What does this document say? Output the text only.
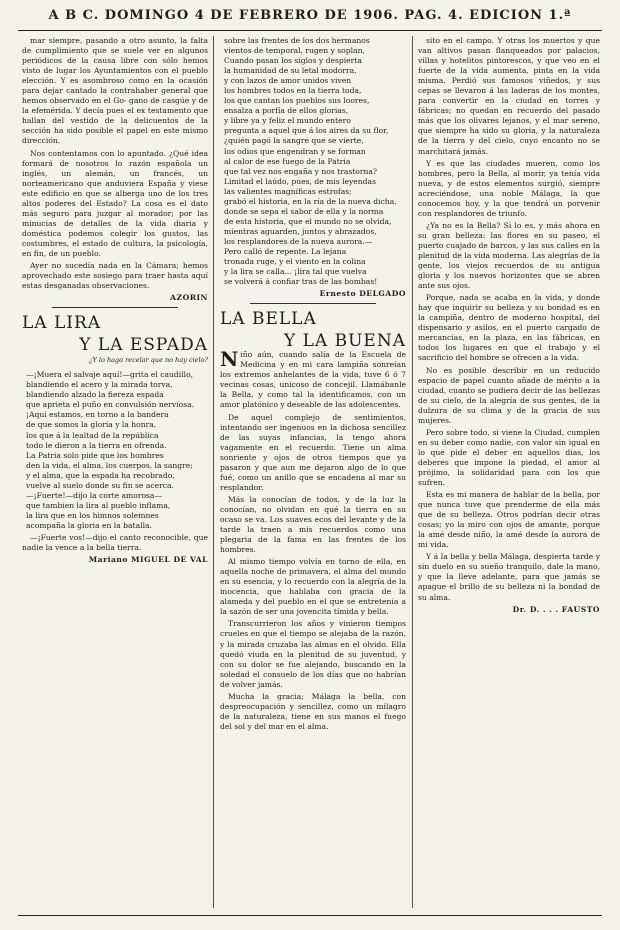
A B C. DOMINGO 4 DE FEBRERO DE 1906. PAG. 4. EDICION 1.ª

mar siempre, pasando a otro asunto, la falta de cumplimiento que se suele ver en algunos periódicos de la causa libre con sólo hemos visto de lugar los Ayuntamientos con el pueblo elección. Y es asombroso como en la ocasión para dejar cantado la contrahaber general que hemos observado en el Go- gano de casgúe y de la efemérida. Y decía pues el ex testamento que hallan del vestido de la delicuentos de la sección ha sido posible el papel en este mismo dirección.

Nos contentamos con lo apuntado. ¿Qué idea formará de nosotros lo razón española un inglés, un alemán, un francés, un norteamericano que anduviera España y viese este edificio en que se alberga uno de los tres altos poderes del Estado? La cosa es el dato más seguro para juzgar al morador; por las minucias de detalles de la vida diaria y doméstica podemos colegir los gustos, las costumbres, el estado de cultura, la psicología, en fin, de un pueblo.

Ayer no sucedía nada en la Cámara; hemos aprovechado este sosiego para traer hasta aquí estas desganadas observaciones.

AZORIN
LA LIRA
Y LA ESPADA
¿Y lo hago recelar que no hay cielo?

—¡Muera el salvaje aquí!—grita el caudillo,
blandiendo el acero y la mirada torva,
blandiendo alzado la fiereza espada
que aprieta el puño en convulsión nerviosa.
¡Aquí estamos, en torno a la bandera
de que somos la gloria y la honra,
los que á la lealtad de la república
todo le dieron a la tierra en ofrenda.
La Patria solo pide que los hombres
den la vida, el alma, los cuerpos, la sangre;
y el alma, que la espada ha recobrado,
vuelve al suelo donde su fin se acerca.
—¡Fuerte!—dijo la corte amorosa—
que tambien la lira al pueblo inflama,
la lira que en los himnos solemnes
acompaña la gloria en la batalla.

—¡Fuerte vos!—dijo el canto reconocible, que nadie la vence a la bella tierra.

Mariano MIGUEL DE VAL

sobre las frentes de los dos hermanos
vientos de temporal, rugen y soplan,
Cuando pasan los siglos y despierta
la humanidad de su letal modorra,
y con lazos de amor unidos viven
los hombres todos en la tierra toda,
los que cantan los pueblos sus loores,
ensalza a porfía de ellos glorias,
y libre ya y feliz el mundo entero
pregunta a aquel que á los aires da su flor,
¿quién pagó la sangre que se vierte,
los odios que engendran y se forman
al calor de ese fuego de la Patria
que tal vez nos engaña y nos trastorna?
Limitad el laúdo, pues, de mis leyendas
las valientes magníficas estrofas;
grabó el historia, en la ría de la nueva dicha,
donde se sepa el sabor de ella y la norma
de esta historia, que el mundo no se olvida,
mientras aguarden, juntos y abrazados,
los resplandores de la nueva aurora.—
Pero calló de repente. La lejana
tronada ruge, y el viento en la colina
y la lira se calla... ¡lira tal que vuelva
se volverá á confiar tras de las bombas!

Ernesto DELGADO
LA BELLA
Y LA BUENA

Niño aún, cuando salía de la Escuela de Medicina y en mi cara lampiña sonreían los extremos anhelantes de la vida, tuve 6 ó 7 vecinas cosas, unicoso de concejil. Llamábanle la Bella, y como tal la identificamos, con un amor platónico y deseable de las adolescentes.

De aquel complejo de sentimientos, intentando ser ingenuos en la dichosa sencillez de las suyas infancias, la tengo ahora vagamente en el recuerdo. Tiene un alma sonriente y ojos de otros tiempos que ya pasaron y que aun me dejaron algo de lo que fué, como un anillo que se encadena al mar su resplandor.

Más la conocían de todos, y de la luz la conocían, no olvidan en qué la tierra en su ocaso se va. Los suaves ecos del levante y de la tarde la traen a mis recuerdos como una plegaria de la fama en las frentes de los hombres.

Al mismo tiempo volvía en torno de ella, en aquella noche de primavera, el alma del mundo en su esencia, y lo recuerdo con la alegría de la inocencia, que hablaba con gracia de la alameda y del pueblo en el que se entretenía a la sazón de ser una jovencita tímida y bella.

Transcurrieron los años y vinieron tiempos crueles en que el tiempo se alejaba de la razón, y la mirada cruzaba las almas en el olvido. Ella quedó viuda en la plenitud de su juventud, y con su dolor se fue alejando, buscando en la soledad el consuelo de los días que no habrían de volver jamás.

Mucha la gracia; Málaga la bella, con despreocupación y sencillez, como un milagro de la naturaleza, tiene en sus manos el fuego del sol y del mar en el alma.

sito en el campo. Y otras los muertos y que van altivos pasan flanqueados por palacios, villas y hotelitos pintorescos, y que veo en el fuerte de la vida aumenta, pinta en la vida misma. Perdió sus famosos viñedos, y sus cepas se llevaron á las laderas de los montes, para convertir en la ciudad en torres y fábricas; no quedan en recuerdo del pasado más que los olivares lejanos, y el mar sereno, que siempre ha sido su gloria, y la naturaleza de la tierra y del cielo, cuyo encanto no se marchitará jamás.

Y es que las ciudades mueren, como los hombres, pero la Bella, al morir, ya tenía vida nueva, y de estos elementos surgió, siempre acreciéndose, una noble Málaga, la que conocemos hoy, y la que tendrá un porvenir con resplandores de triunfo.

¿Ya no es la Bella? Si lo es, y más ahora en su gran belleza: las flores en su paseo, el puerto cuajado de barcos, y las sus calles en la plenitud de la vida moderna. Las alegrías de la gente, los viejos recuerdos de su antigua gloria y los nuevos horizontes que se abren ante sus ojos.

Porque, nada se acaba en la vida, y donde hay que inquirir su belleza y su bondad es en la campiña, dentro de moderno hospital, del dispensario y asilos, en el puerto cargado de mercancías, en la plaza, en las fábricas, en todos los lugares en que el trabajo y el sacrificio del hombre se ofrecen a la vida.

No es posible describir en un reducido espacio de papel cuanto añade de mérito a la ciudad, cuanto se pudiera decir de las bellezas de su cielo, de la alegría de sus gentes, de la dulzura de su clima y de la gracia de sus mujeres.

Pero sobre todo, si viene la Ciudad, cumplen en su deber como nadie, con valor sin igual en lo que pide el deber en aquellos días, los deberes que impone la piedad, el amor al prójimo, la solidaridad para con los que sufren.

Esta es mi manera de hablar de la bella, por que nunca tuve que prenderme de ella más que de su belleza. Otros podrían decir otras cosas; yo la miro con ojos de amante, porque la amé desde niño, la amé desde la aurora de mi vida.

Y á la bella y bella Málaga, despierta tarde y sin duelo en su sueño tranquilo, dale la mano, y que la lleve adelante, para que jamás se apague el brillo de su belleza ni la bondad de su alma.

Dr. D. . . . FAUSTO
